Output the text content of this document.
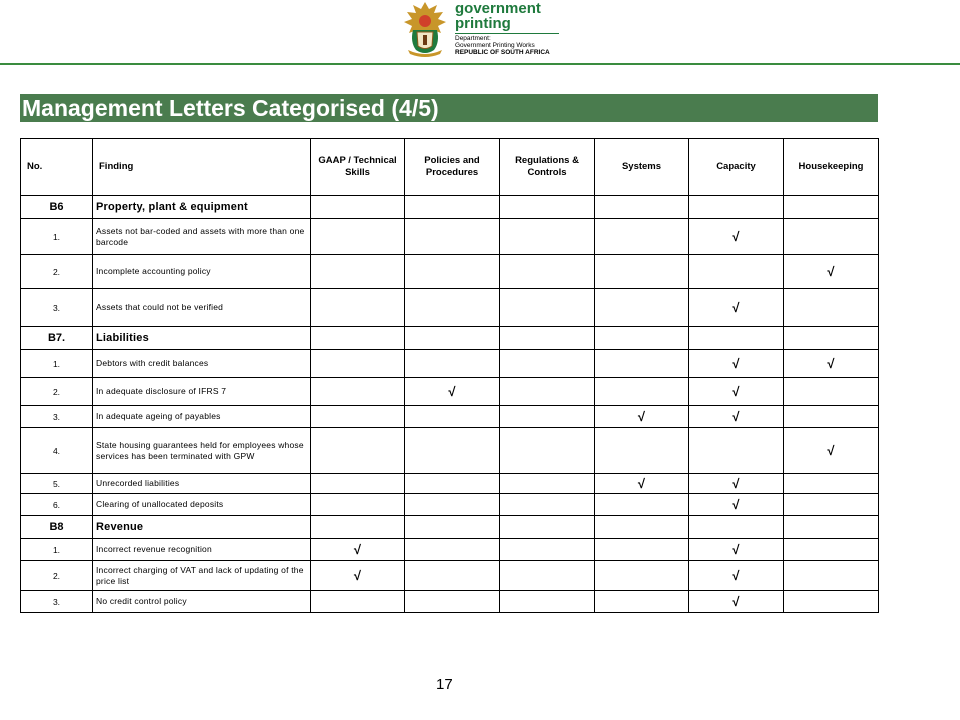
government
printing
Department:
Government Printing Works
REPUBLIC OF SOUTH AFRICA
Management Letters Categorised (4/5)
No.	Finding	GAAP / Technical Skills	Policies and Procedures	Regulations & Controls	Systems	Capacity	Housekeeping
B6	Property, plant & equipment						
1.	Assets not bar-coded and assets with more than one barcode					√	
2.	Incomplete accounting policy						√
3.	Assets that could not be verified					√	
B7.	Liabilities						
1.	Debtors with credit balances					√	√
2.	In adequate disclosure of IFRS 7		√			√	
3.	In adequate ageing of payables				√	√	
4.	State housing guarantees held for employees whose services has been terminated with GPW						√
5.	Unrecorded liabilities				√	√	
6.	Clearing of unallocated deposits					√	
B8	Revenue						
1.	Incorrect revenue recognition	√				√	
2.	Incorrect charging of VAT and lack of updating of the price list	√				√	
3.	No credit control policy					√	
17
